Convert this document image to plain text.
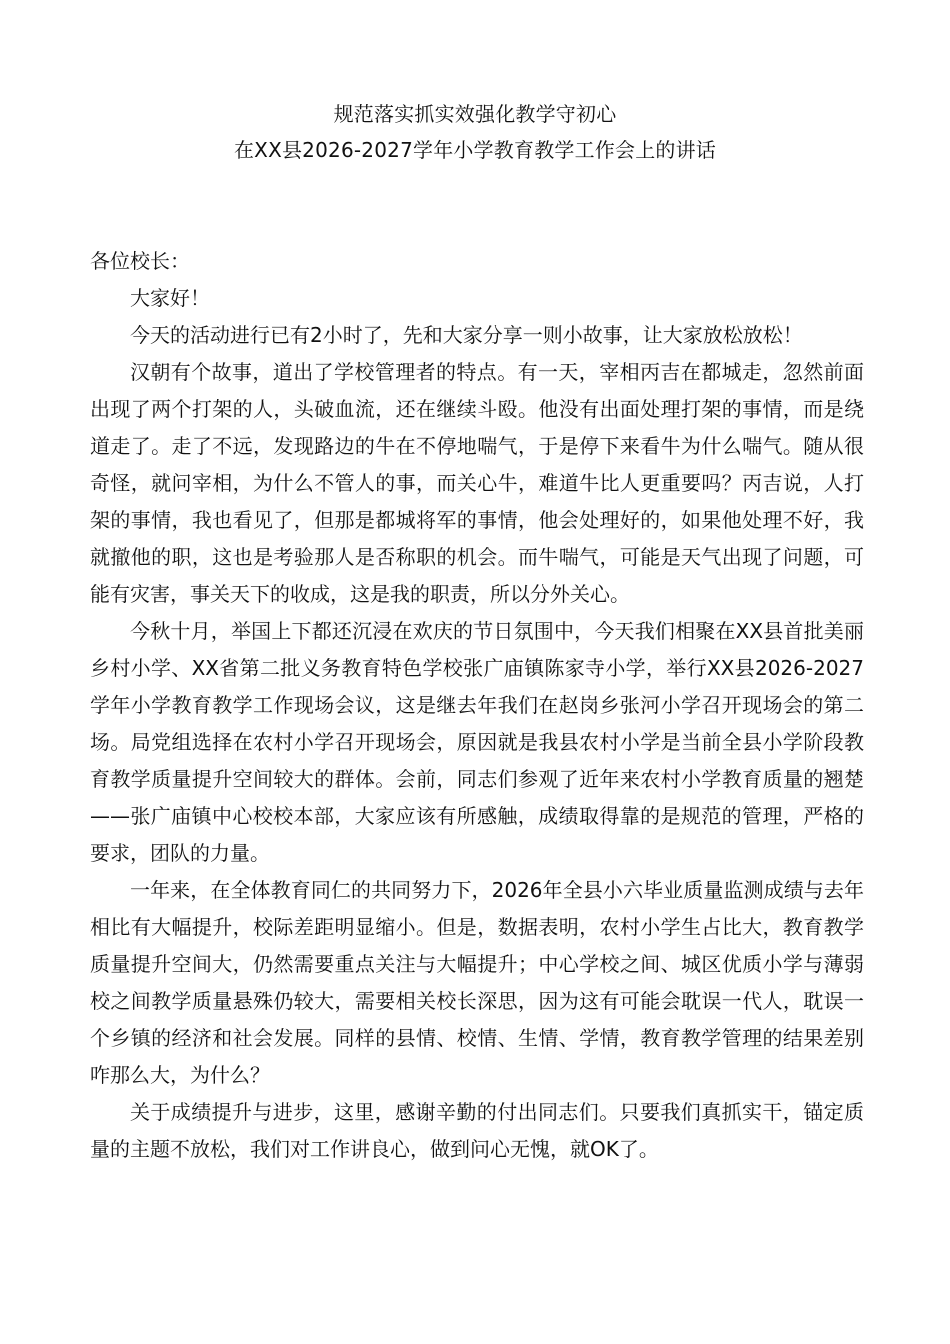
规范落实抓实效强化教学守初心
在XX县2026-2027学年小学教育教学工作会上的讲话

各位校长：

大家好！

今天的活动进行已有2小时了，先和大家分享一则小故事，让大家放松放松！

汉朝有个故事，道出了学校管理者的特点。有一天，宰相丙吉在都城走，忽然前面出现了两个打架的人，头破血流，还在继续斗殴。他没有出面处理打架的事情，而是绕道走了。走了不远，发现路边的牛在不停地喘气，于是停下来看牛为什么喘气。随从很奇怪，就问宰相，为什么不管人的事，而关心牛，难道牛比人更重要吗？丙吉说，人打架的事情，我也看见了，但那是都城将军的事情，他会处理好的，如果他处理不好，我就撤他的职，这也是考验那人是否称职的机会。而牛喘气，可能是天气出现了问题，可能有灾害，事关天下的收成，这是我的职责，所以分外关心。

今秋十月，举国上下都还沉浸在欢庆的节日氛围中，今天我们相聚在XX县首批美丽乡村小学、XX省第二批义务教育特色学校张广庙镇陈家寺小学，举行XX县2026-2027学年小学教育教学工作现场会议，这是继去年我们在赵岗乡张河小学召开现场会的第二场。局党组选择在农村小学召开现场会，原因就是我县农村小学是当前全县小学阶段教育教学质量提升空间较大的群体。会前，同志们参观了近年来农村小学教育质量的翘楚——张广庙镇中心校校本部，大家应该有所感触，成绩取得靠的是规范的管理，严格的要求，团队的力量。

一年来，在全体教育同仁的共同努力下，2026年全县小六毕业质量监测成绩与去年相比有大幅提升，校际差距明显缩小。但是，数据表明，农村小学生占比大，教育教学质量提升空间大，仍然需要重点关注与大幅提升；中心学校之间、城区优质小学与薄弱校之间教学质量悬殊仍较大，需要相关校长深思，因为这有可能会耽误一代人，耽误一个乡镇的经济和社会发展。同样的县情、校情、生情、学情，教育教学管理的结果差别咋那么大，为什么？

关于成绩提升与进步，这里，感谢辛勤的付出同志们。只要我们真抓实干，锚定质量的主题不放松，我们对工作讲良心，做到问心无愧，就OK了。
